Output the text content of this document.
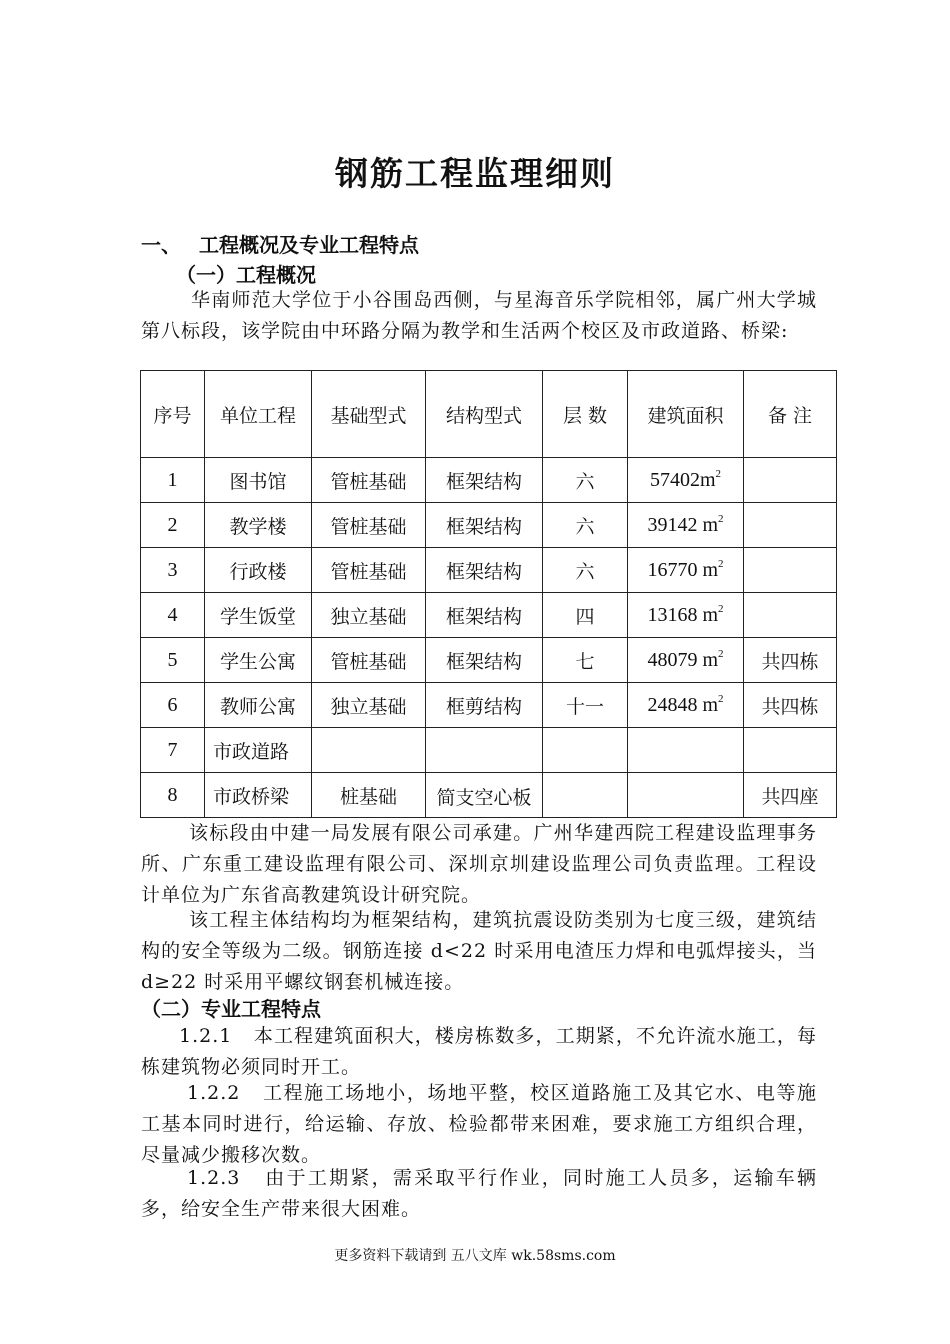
钢筋工程监理细则
一、 工程概况及专业工程特点
（一）工程概况
华南师范大学位于小谷围岛西侧，与星海音乐学院相邻，属广州大学城第八标段，该学院由中环路分隔为教学和生活两个校区及市政道路、桥梁:
序号	单位工程	基础型式	结构型式	层 数	建筑面积	备 注
1	图书馆	管桩基础	框架结构	六	$57402m^2$	
2	教学楼	管桩基础	框架结构	六	39142 $m^2$	
3	行政楼	管桩基础	框架结构	六	16770 $m^2$	
4	学生饭堂	独立基础	框架结构	四	13168 $m^2$	
5	学生公寓	管桩基础	框架结构	七	48079 $m^2$	共四栋
6	教师公寓	独立基础	框剪结构	十一	24848 $m^2$	共四栋
7	市政道路					
8	市政桥梁	桩基础	简支空心板			共四座
该标段由中建一局发展有限公司承建。广州华建西院工程建设监理事务所、广东重工建设监理有限公司、深圳京圳建设监理公司负责监理。工程设计单位为广东省高教建筑设计研究院。
该工程主体结构均为框架结构，建筑抗震设防类别为七度三级，建筑结构的安全等级为二级。钢筋连接 d<22 时采用电渣压力焊和电弧焊接头，当 d≥22 时采用平螺纹钢套机械连接。
（二）专业工程特点
1.2.1 本工程建筑面积大，楼房栋数多，工期紧，不允许流水施工，每栋建筑物必须同时开工。
1.2.2 工程施工场地小，场地平整，校区道路施工及其它水、电等施工基本同时进行，给运输、存放、检验都带来困难，要求施工方组织合理，尽量减少搬移次数。
1.2.3 由于工期紧，需采取平行作业，同时施工人员多，运输车辆多，给安全生产带来很大困难。
更多资料下载请到 五八文库 wk.58sms.com
